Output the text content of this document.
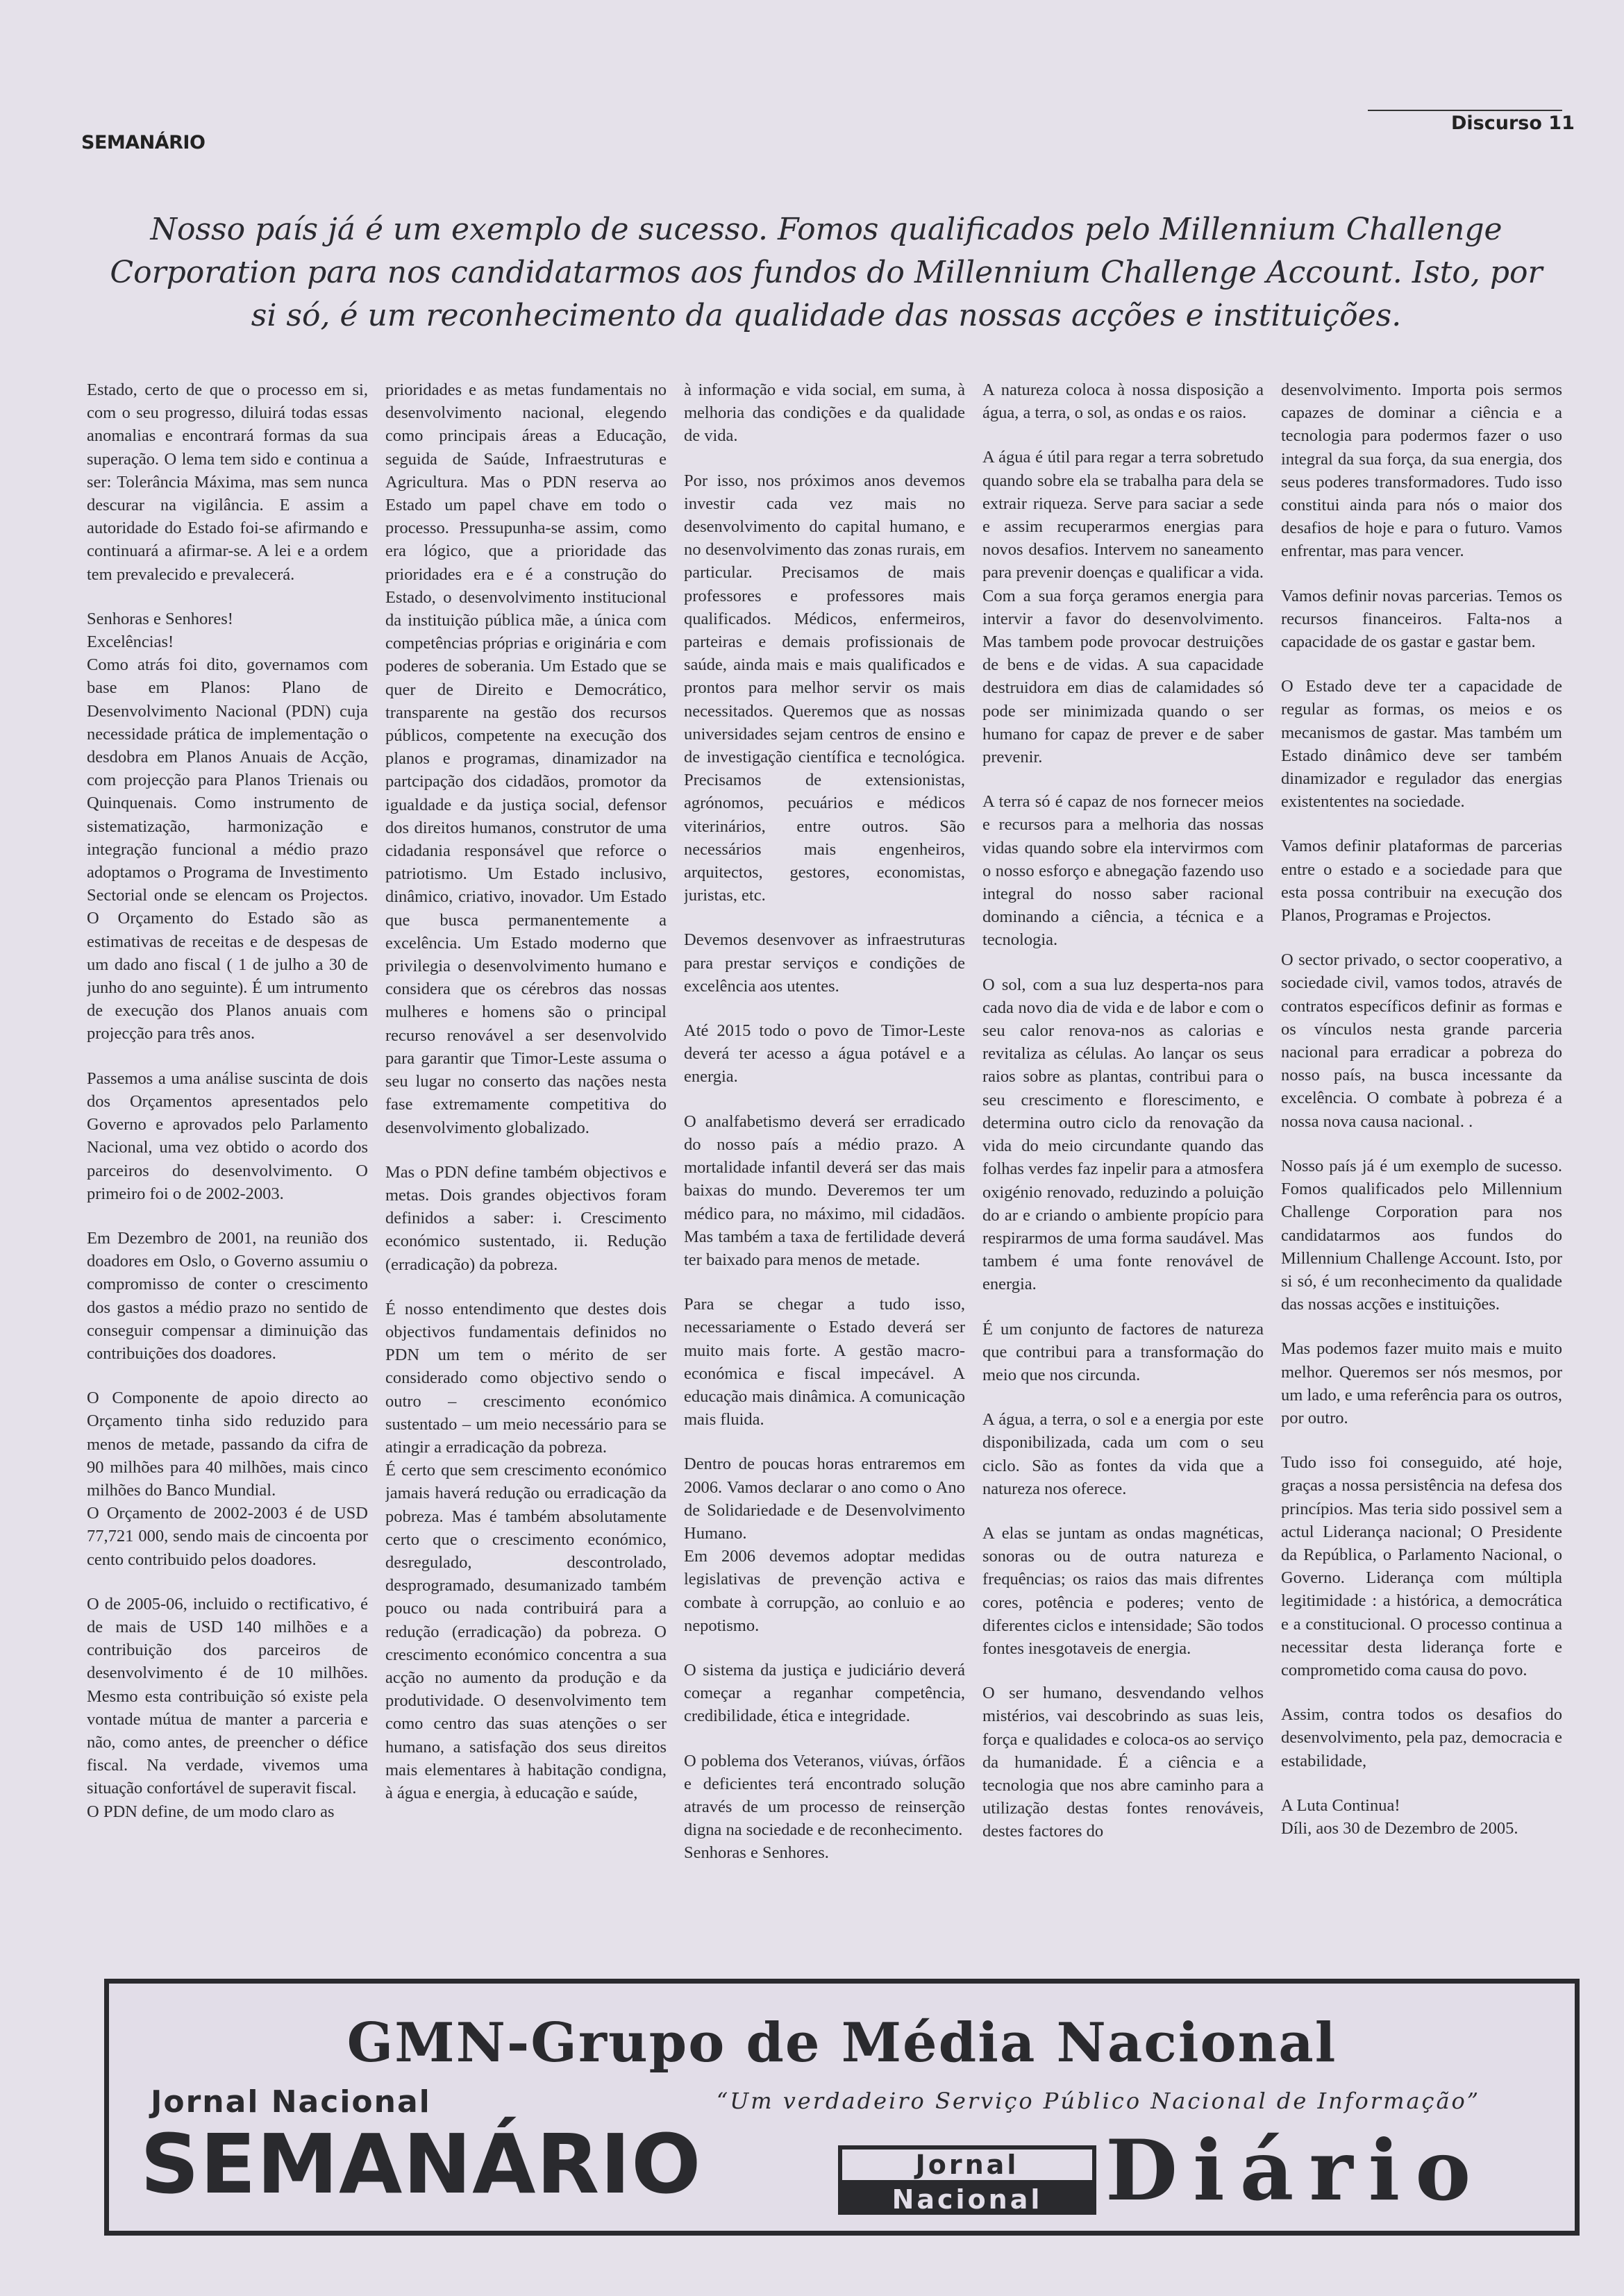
SEMANÁRIO
Discurso 11
Nosso país já é um exemplo de sucesso. Fomos qualificados pelo Millennium Challenge Corporation para nos candidatarmos aos fundos do Millennium Challenge Account. Isto, por si só, é um reconhecimento da qualidade das nossas acções e instituições.

Estado, certo de que o processo em si, com o seu progresso, diluirá todas essas anomalias e encontrará formas da sua superação. O lema tem sido e continua a ser: Tolerância Máxima, mas sem nunca descurar na vigilância. E assim a autoridade do Estado foi-se afirmando e continuará a afirmar-se. A lei e a ordem tem prevalecido e prevalecerá.

Senhoras e Senhores!

Excelências!

Como atrás foi dito, governamos com base em Planos: Plano de Desenvolvimento Nacional (PDN) cuja necessidade prática de implementação o desdobra em Planos Anuais de Acção, com projecção para Planos Trienais ou Quinquenais. Como instrumento de sistematização, harmonização e integração funcional a médio prazo adoptamos o Programa de Investimento Sectorial onde se elencam os Projectos. O Orçamento do Estado são as estimativas de receitas e de despesas de um dado ano fiscal ( 1 de julho a 30 de junho do ano seguinte). É um intrumento de execução dos Planos anuais com projecção para três anos.

Passemos a uma análise suscinta de dois dos Orçamentos apresentados pelo Governo e aprovados pelo Parlamento Nacional, uma vez obtido o acordo dos parceiros do desenvolvimento. O primeiro foi o de 2002-2003.

Em Dezembro de 2001, na reunião dos doadores em Oslo, o Governo assumiu o compromisso de conter o crescimento dos gastos a médio prazo no sentido de conseguir compensar a diminuição das contribuições dos doadores.

O Componente de apoio directo ao Orçamento tinha sido reduzido para menos de metade, passando da cifra de 90 milhões para 40 milhões, mais cinco milhões do Banco Mundial.

O Orçamento de 2002-2003 é de USD 77,721 000, sendo mais de cincoenta por cento contribuido pelos doadores.

O de 2005-06, incluido o rectificativo, é de mais de USD 140 milhões e a contribuição dos parceiros de desenvolvimento é de 10 milhões. Mesmo esta contribuição só existe pela vontade mútua de manter a parceria e não, como antes, de preencher o défice fiscal. Na verdade, vivemos uma situação confortável de superavit fiscal.

O PDN define, de um modo claro as

prioridades e as metas fundamentais no desenvolvimento nacional, elegendo como principais áreas a Educação, seguida de Saúde, Infraestruturas e Agricultura. Mas o PDN reserva ao Estado um papel chave em todo o processo. Pressupunha-se assim, como era lógico, que a prioridade das prioridades era e é a construção do Estado, o desenvolvimento institucional da instituição pública mãe, a única com competências próprias e originária e com poderes de soberania. Um Estado que se quer de Direito e Democrático, transparente na gestão dos recursos públicos, competente na execução dos planos e programas, dinamizador na partcipação dos cidadãos, promotor da igualdade e da justiça social, defensor dos direitos humanos, construtor de uma cidadania responsável que reforce o patriotismo. Um Estado inclusivo, dinâmico, criativo, inovador. Um Estado que busca permanentemente a excelência. Um Estado moderno que privilegia o desenvolvimento humano e considera que os cérebros das nossas mulheres e homens são o principal recurso renovável a ser desenvolvido para garantir que Timor-Leste assuma o seu lugar no conserto das nações nesta fase extremamente competitiva do desenvolvimento globalizado.

Mas o PDN define também objectivos e metas. Dois grandes objectivos foram definidos a saber: i. Crescimento económico sustentado, ii. Redução (erradicação) da pobreza.

É nosso entendimento que destes dois objectivos fundamentais definidos no PDN um tem o mérito de ser considerado como objectivo sendo o outro – crescimento económico sustentado – um meio necessário para se atingir a erradicação da pobreza.

É certo que sem crescimento económico jamais haverá redução ou erradicação da pobreza. Mas é também absolutamente certo que o crescimento económico, desregulado, descontrolado, desprogramado, desumanizado também pouco ou nada contribuirá para a redução (erradicação) da pobreza. O crescimento económico concentra a sua acção no aumento da produção e da produtividade. O desenvolvimento tem como centro das suas atenções o ser humano, a satisfação dos seus direitos mais elementares à habitação condigna, à água e energia, à educação e saúde,

à informação e vida social, em suma, à melhoria das condições e da qualidade de vida.

Por isso, nos próximos anos devemos investir cada vez mais no desenvolvimento do capital humano, e no desenvolvimento das zonas rurais, em particular. Precisamos de mais professores e professores mais qualificados. Médicos, enfermeiros, parteiras e demais profissionais de saúde, ainda mais e mais qualificados e prontos para melhor servir os mais necessitados. Queremos que as nossas universidades sejam centros de ensino e de investigação científica e tecnológica. Precisamos de extensionistas, agrónomos, pecuários e médicos viterinários, entre outros. São necessários mais engenheiros, arquitectos, gestores, economistas, juristas, etc.

Devemos desenvover as infraestruturas para prestar serviços e condições de excelência aos utentes.

Até 2015 todo o povo de Timor-Leste deverá ter acesso a água potável e a energia.

O analfabetismo deverá ser erradicado do nosso país a médio prazo. A mortalidade infantil deverá ser das mais baixas do mundo. Deveremos ter um médico para, no máximo, mil cidadãos. Mas também a taxa de fertilidade deverá ter baixado para menos de metade.

Para se chegar a tudo isso, necessariamente o Estado deverá ser muito mais forte. A gestão macro-económica e fiscal impecável. A educação mais dinâmica. A comunicação mais fluida.

Dentro de poucas horas entraremos em 2006. Vamos declarar o ano como o Ano de Solidariedade e de Desenvolvimento Humano.

Em 2006 devemos adoptar medidas legislativas de prevenção activa e combate à corrupção, ao conluio e ao nepotismo.

O sistema da justiça e judiciário deverá começar a reganhar competência, credibilidade, ética e integridade.

O poblema dos Veteranos, viúvas, órfãos e deficientes terá encontrado solução através de um processo de reinserção digna na sociedade e de reconhecimento.

Senhoras e Senhores.

A natureza coloca à nossa disposição a água, a terra, o sol, as ondas e os raios.

A água é útil para regar a terra sobretudo quando sobre ela se trabalha para dela se extrair riqueza. Serve para saciar a sede e assim recuperarmos energias para novos desafios. Intervem no saneamento para prevenir doenças e qualificar a vida. Com a sua força geramos energia para intervir a favor do desenvolvimento. Mas tambem pode provocar destruições de bens e de vidas. A sua capacidade destruidora em dias de calamidades só pode ser minimizada quando o ser humano for capaz de prever e de saber prevenir.

A terra só é capaz de nos fornecer meios e recursos para a melhoria das nossas vidas quando sobre ela intervirmos com o nosso esforço e abnegação fazendo uso integral do nosso saber racional dominando a ciência, a técnica e a tecnologia.

O sol, com a sua luz desperta-nos para cada novo dia de vida e de labor e com o seu calor renova-nos as calorias e revitaliza as células. Ao lançar os seus raios sobre as plantas, contribui para o seu crescimento e florescimento, e determina outro ciclo da renovação da vida do meio circundante quando das folhas verdes faz inpelir para a atmosfera oxigénio renovado, reduzindo a poluição do ar e criando o ambiente propício para respirarmos de uma forma saudável. Mas tambem é uma fonte renovável de energia.

É um conjunto de factores de natureza que contribui para a transformação do meio que nos circunda.

A água, a terra, o sol e a energia por este disponibilizada, cada um com o seu ciclo. São as fontes da vida que a natureza nos oferece.

A elas se juntam as ondas magnéticas, sonoras ou de outra natureza e frequências; os raios das mais difrentes cores, potência e poderes; vento de diferentes ciclos e intensidade; São todos fontes inesgotaveis de energia.

O ser humano, desvendando velhos mistérios, vai descobrindo as suas leis, força e qualidades e coloca-os ao serviço da humanidade. É a ciência e a tecnologia que nos abre caminho para a utilização destas fontes renováveis, destes factores do

desenvolvimento. Importa pois sermos capazes de dominar a ciência e a tecnologia para podermos fazer o uso integral da sua força, da sua energia, dos seus poderes transformadores. Tudo isso constitui ainda para nós o maior dos desafios de hoje e para o futuro. Vamos enfrentar, mas para vencer.

Vamos definir novas parcerias. Temos os recursos financeiros. Falta-nos a capacidade de os gastar e gastar bem.

O Estado deve ter a capacidade de regular as formas, os meios e os mecanismos de gastar. Mas também um Estado dinâmico deve ser também dinamizador e regulador das energias existententes na sociedade.

Vamos definir plataformas de parcerias entre o estado e a sociedade para que esta possa contribuir na execução dos Planos, Programas e Projectos.

O sector privado, o sector cooperativo, a sociedade civil, vamos todos, através de contratos específicos definir as formas e os vínculos nesta grande parceria nacional para erradicar a pobreza do nosso país, na busca incessante da excelência. O combate à pobreza é a nossa nova causa nacional. .

Nosso país já é um exemplo de sucesso. Fomos qualificados pelo Millennium Challenge Corporation para nos candidatarmos aos fundos do Millennium Challenge Account. Isto, por si só, é um reconhecimento da qualidade das nossas acções e instituições.

Mas podemos fazer muito mais e muito melhor. Queremos ser nós mesmos, por um lado, e uma referência para os outros, por outro.

Tudo isso foi conseguido, até hoje, graças a nossa persistência na defesa dos princípios. Mas teria sido possivel sem a actul Liderança nacional; O Presidente da República, o Parlamento Nacional, o Governo. Liderança com múltipla legitimidade : a histórica, a democrática e a constitucional. O processo continua a necessitar desta liderança forte e comprometido coma causa do povo.

Assim, contra todos os desafios do desenvolvimento, pela paz, democracia e estabilidade,

A Luta Continua!

Díli, aos 30 de Dezembro de 2005.

GMN-Grupo de Média Nacional
Jornal Nacional	“Um verdadeiro Serviço Público Nacional de Informação”
SEMANÁRIO	Jornal
Nacional Diário
